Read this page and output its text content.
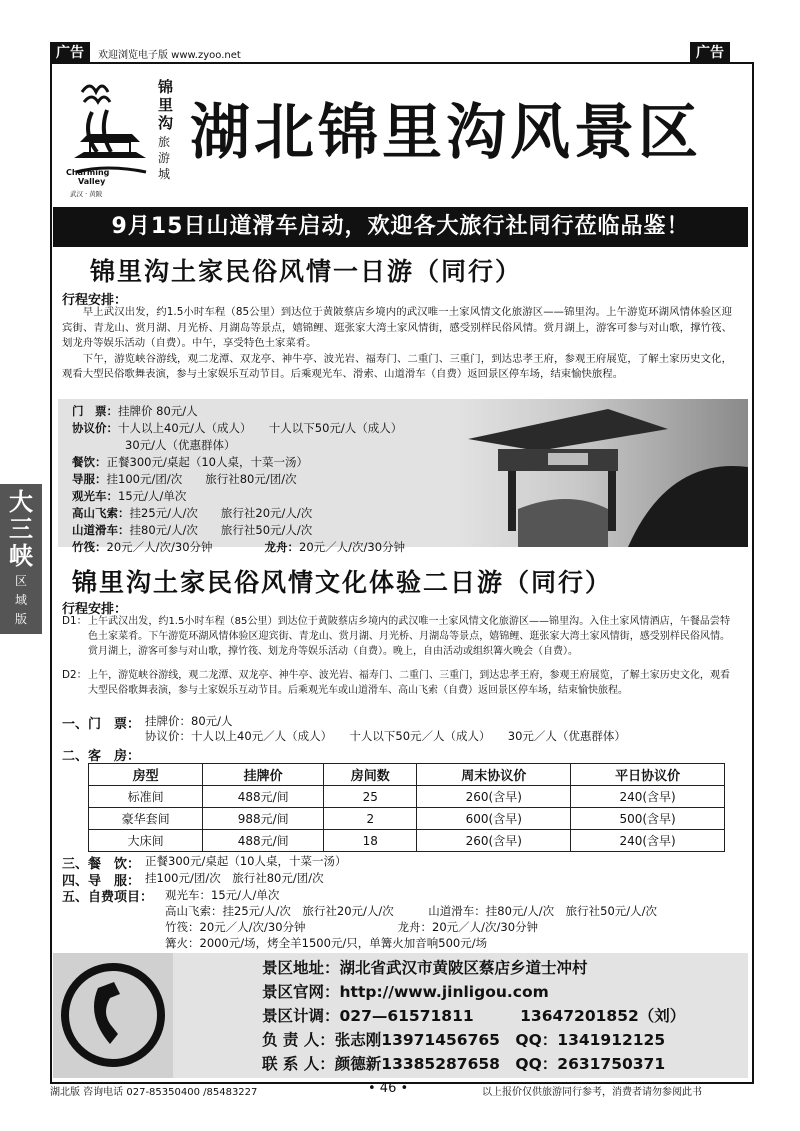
广告	欢迎浏览电子版 www.zyoo.net	广告
Charming
Valley
武汉 · 黄陂
锦里沟
旅游城
湖北锦里沟风景区
9月15日山道滑车启动，欢迎各大旅行社同行莅临品鉴！
锦里沟土家民俗风情一日游（同行）
行程安排：

早上武汉出发，约1.5小时车程（85公里）到达位于黄陂蔡店乡境内的武汉唯一土家风情文化旅游区——锦里沟。上午游览环湖风情体验区迎宾街、青龙山、赏月湖、月光桥、月湖岛等景点，嬉锦鲤、逛张家大湾土家风情街，感受别样民俗风情。赏月湖上，游客可参与对山歌，撑竹筏、划龙舟等娱乐活动（自费）。中午，享受特色土家菜肴。

下午，游览峡谷游线，观二龙潭、双龙亭、神牛亭、波光岩、福寿门、二重门、三重门，到达忠孝王府，参观王府展览，了解土家历史文化，观看大型民俗歌舞表演，参与土家娱乐互动节目。后乘观光车、滑索、山道滑车（自费）返回景区停车场，结束愉快旅程。

门　票：挂牌价 80元/人
协议价：十人以上40元/人（成人）　　十人以下50元/人（成人）
30元/人（优惠群体）
餐饮：正餐300元/桌起（10人桌，十菜一汤）
导服：挂100元/团/次　　旅行社80元/团/次
观光车：15元/人/单次
高山飞索：挂25元/人/次　　旅行社20元/人/次
山道滑车：挂80元/人/次　　旅行社50元/人/次
竹筏：20元／人/次/30分钟	龙舟：20元／人/次/30分钟
锦里沟土家民俗风情文化体验二日游（同行）
行程安排：
D1： 上午武汉出发，约1.5小时车程（85公里）到达位于黄陂蔡店乡境内的武汉唯一土家风情文化旅游区——锦里沟。入住土家风情酒店，午餐品尝特色土家菜肴。下午游览环湖风情体验区迎宾街、青龙山、赏月湖、月光桥、月湖岛等景点，嬉锦鲤、逛张家大湾土家风情街，感受别样民俗风情。赏月湖上，游客可参与对山歌，撑竹筏、划龙舟等娱乐活动（自费）。晚上，自由活动或组织篝火晚会（自费）。
D2： 上午，游览峡谷游线，观二龙潭、双龙亭、神牛亭、波光岩、福寿门、二重门、三重门，到达忠孝王府，参观王府展览，了解土家历史文化，观看大型民俗歌舞表演，参与土家娱乐互动节目。后乘观光车或山道滑车、高山飞索（自费）返回景区停车场，结束愉快旅程。
一、门　票： 挂牌价：80元/人
协议价：十人以上40元／人（成人）　　十人以下50元／人（成人）　　30元／人（优惠群体）
二、客　房：
房型	挂牌价	房间数	周末协议价	平日协议价
标准间	488元/间	25	260(含早)	240(含早)
豪华套间	988元/间	2	600(含早)	500(含早)
大床间	488元/间	18	260(含早)	240(含早)
三、餐　饮： 正餐300元/桌起（10人桌，十菜一汤）
四、导　服： 挂100元/团/次　旅行社80元/团/次
五、自费项目： 观光车：15元/人/单次
高山飞索：挂25元/人/次　旅行社20元/人/次　　　山道滑车：挂80元/人/次　旅行社50元/人/次
竹筏：20元／人/次/30分钟　　　　　　　　龙舟：20元／人/次/30分钟
篝火：2000元/场，烤全羊1500元/只，单篝火加音响500元/场
景区地址：湖北省武汉市黄陂区蔡店乡道士冲村
景区官网：http://www.jinligou.com
景区计调：027—61571811　　　13647201852（刘）
负 责 人：张志刚13971456765　QQ：1341912125
联 系 人：颜德新13385287658　QQ：2631750371
大三峡
区域版
湖北版 咨询电话 027-85350400 /85483227	• 46 •	以上报价仅供旅游同行参考，消费者请勿参阅此书
